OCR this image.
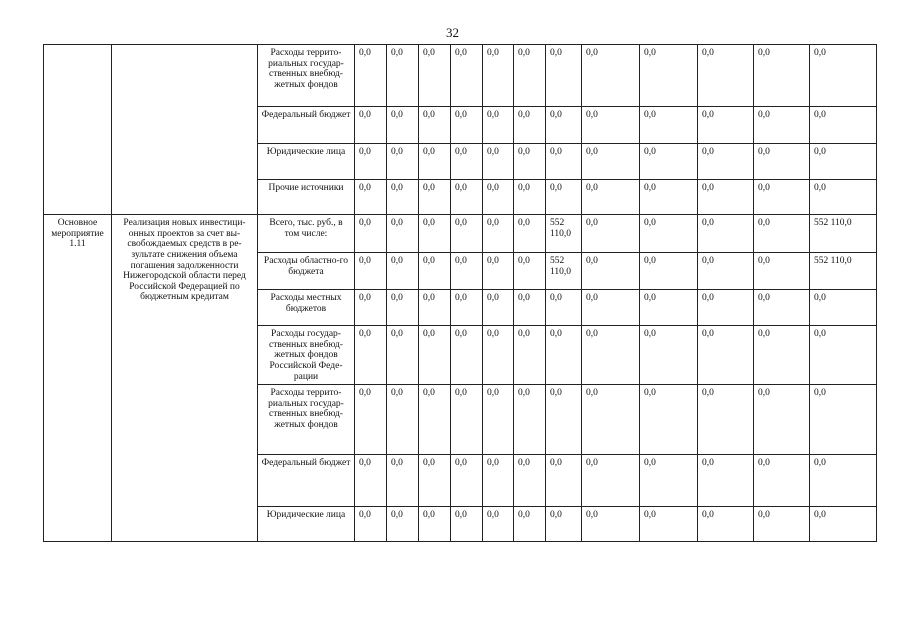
32
		Расходы террито-риальных государ-ственных внебюд-жетных фондов	0,0	0,0	0,0	0,0	0,0	0,0	0,0	0,0	0,0	0,0	0,0	0,0
		Федеральный бюджет	0,0	0,0	0,0	0,0	0,0	0,0	0,0	0,0	0,0	0,0	0,0	0,0
		Юридические лица	0,0	0,0	0,0	0,0	0,0	0,0	0,0	0,0	0,0	0,0	0,0	0,0
		Прочие источники	0,0	0,0	0,0	0,0	0,0	0,0	0,0	0,0	0,0	0,0	0,0	0,0
Основное мероприятие 1.11	Реализация новых инвестици-онных проектов за счет вы-свобождаемых средств в ре-зультате снижения объема погашения задолженности Нижегородской области перед Российской Федерацией по бюджетным кредитам	Всего, тыс. руб., в том числе:	0,0	0,0	0,0	0,0	0,0	0,0	552 110,0	0,0	0,0	0,0	0,0	552 110,0
		Расходы областно-го бюджета	0,0	0,0	0,0	0,0	0,0	0,0	552 110,0	0,0	0,0	0,0	0,0	552 110,0
		Расходы местных бюджетов	0,0	0,0	0,0	0,0	0,0	0,0	0,0	0,0	0,0	0,0	0,0	0,0
		Расходы государ-ственных внебюд-жетных фондов Российской Феде-рации	0,0	0,0	0,0	0,0	0,0	0,0	0,0	0,0	0,0	0,0	0,0	0,0
		Расходы террито-риальных государ-ственных внебюд-жетных фондов	0,0	0,0	0,0	0,0	0,0	0,0	0,0	0,0	0,0	0,0	0,0	0,0
		Федеральный бюджет	0,0	0,0	0,0	0,0	0,0	0,0	0,0	0,0	0,0	0,0	0,0	0,0
		Юридические лица	0,0	0,0	0,0	0,0	0,0	0,0	0,0	0,0	0,0	0,0	0,0	0,0
